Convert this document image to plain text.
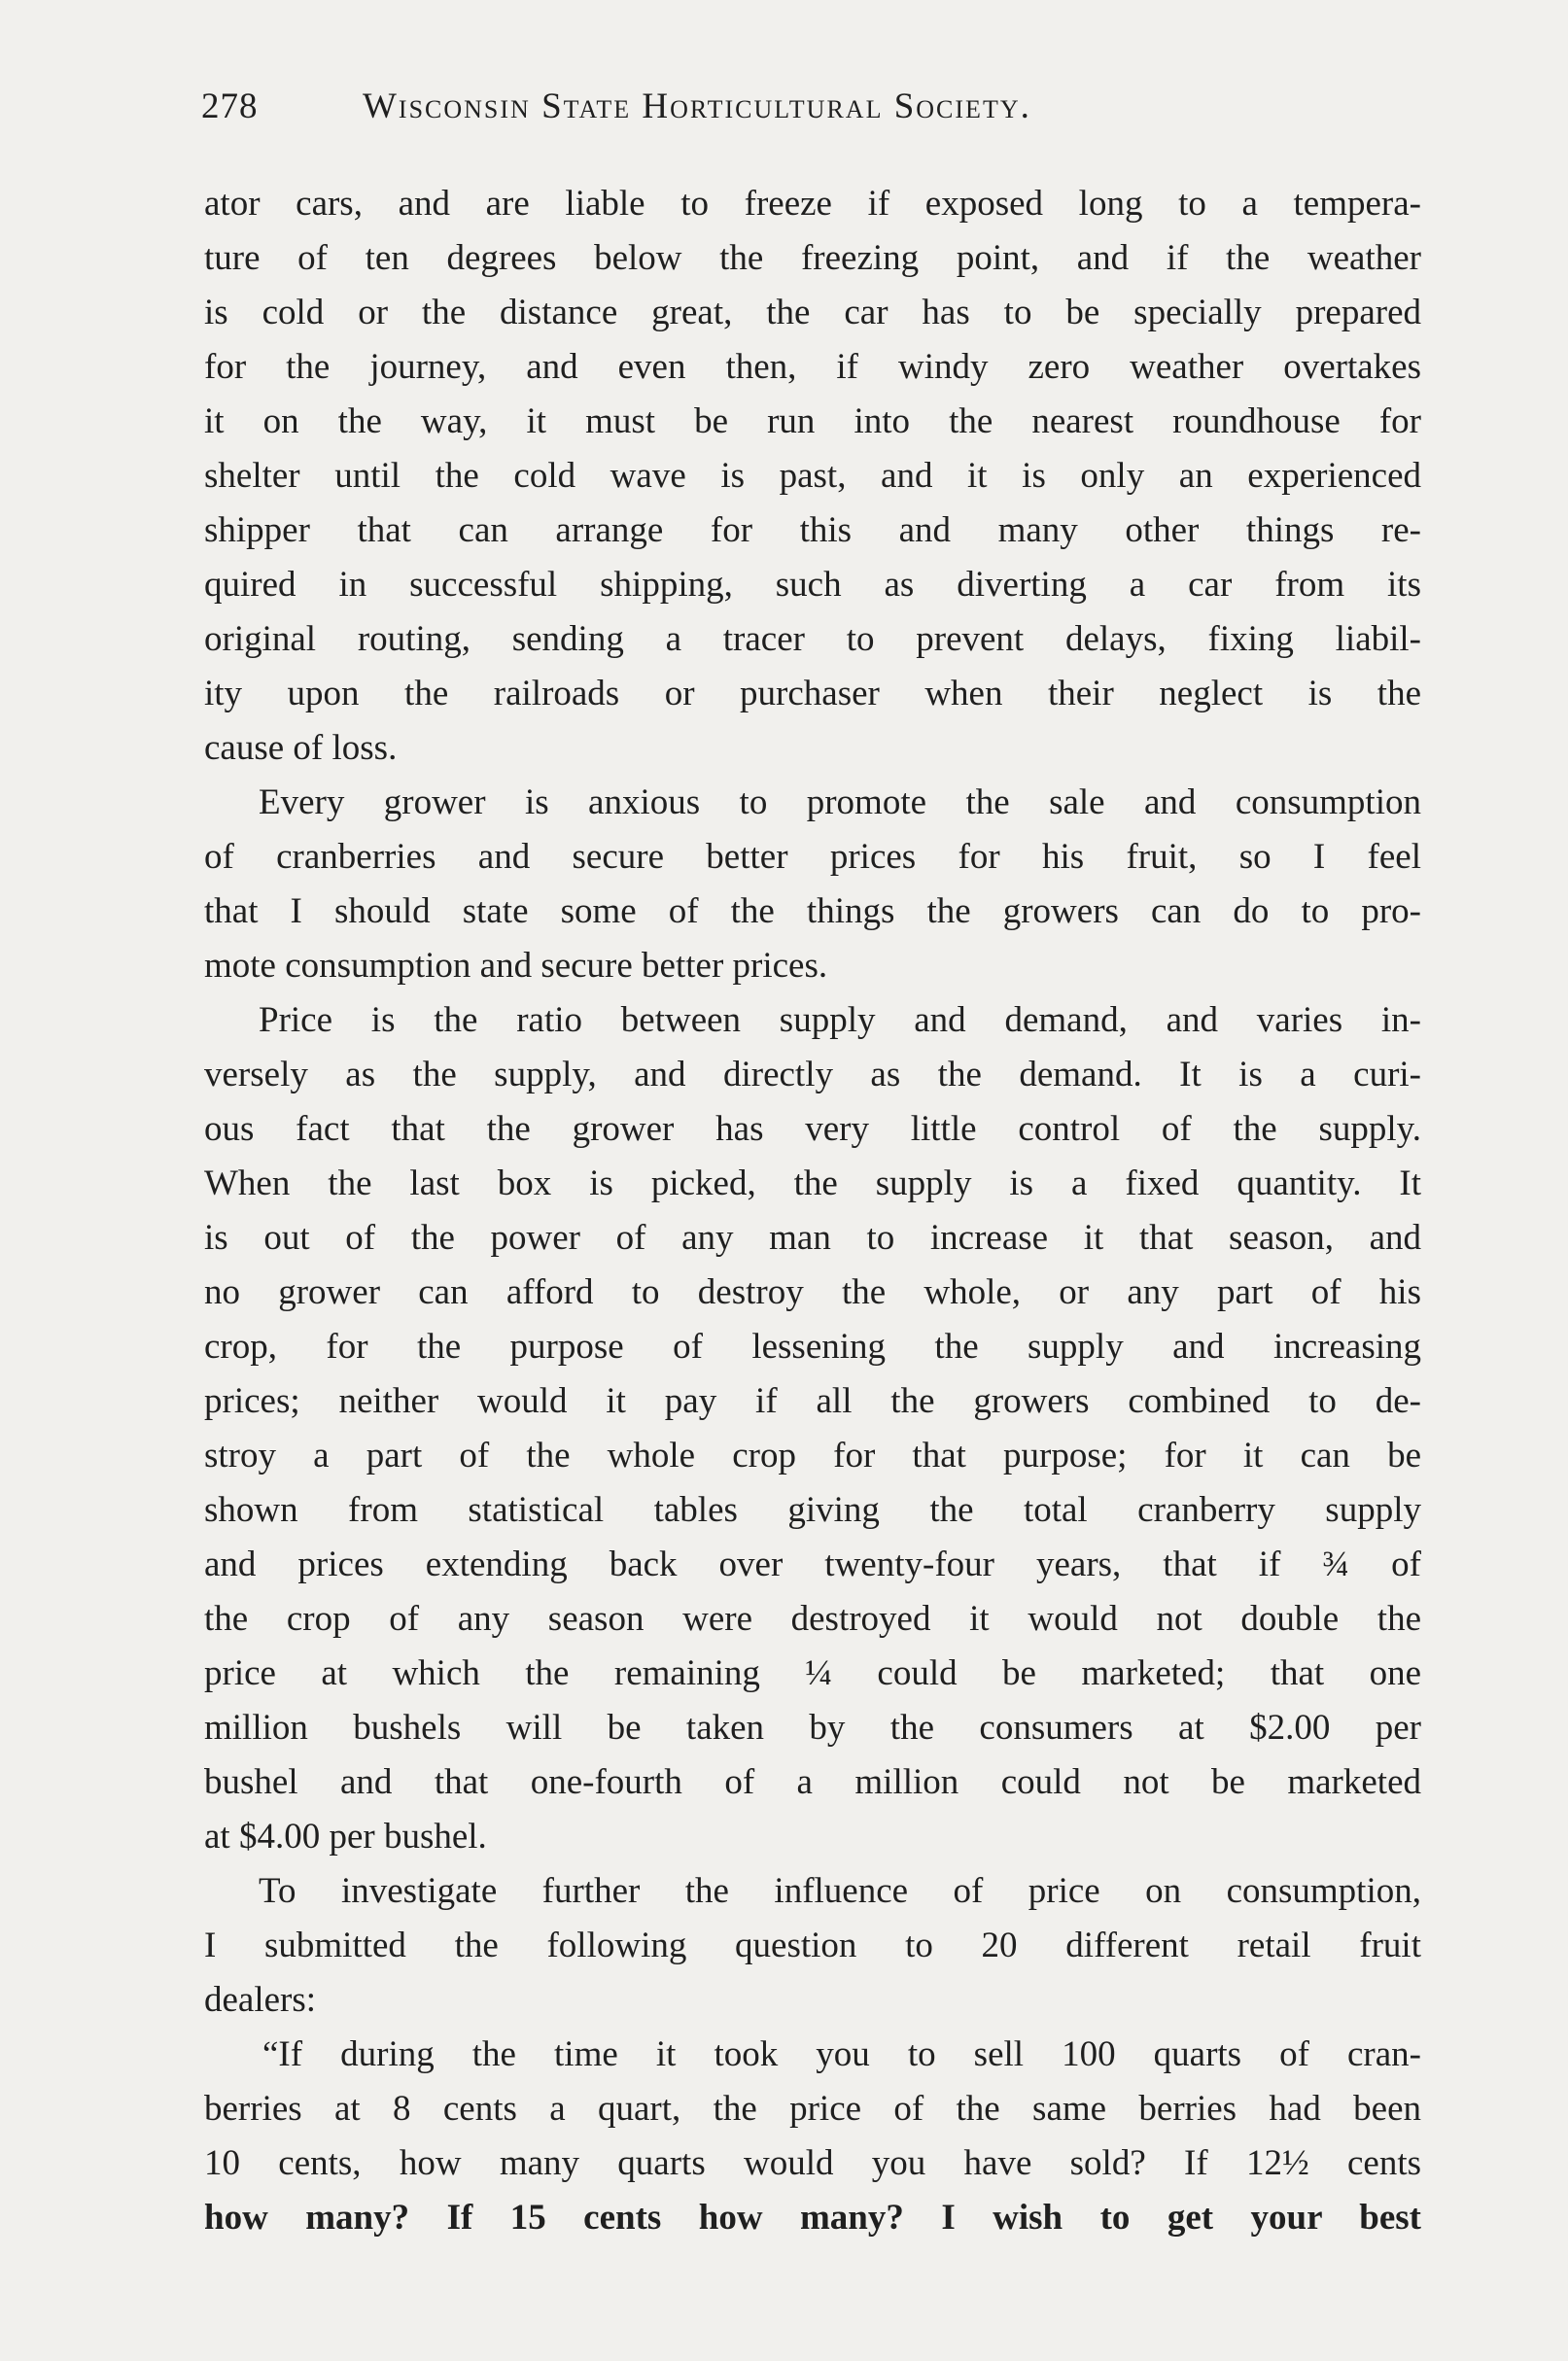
278	Wisconsin State Horticultural Society.
ator cars, and are liable to freeze if exposed long to a tempera-
ture of ten degrees below the freezing point, and if the weather
is cold or the distance great, the car has to be specially prepared
for the journey, and even then, if windy zero weather overtakes
it on the way, it must be run into the nearest roundhouse for
shelter until the cold wave is past, and it is only an experienced
shipper that can arrange for this and many other things re-
quired in successful shipping, such as diverting a car from its
original routing, sending a tracer to prevent delays, fixing liabil-
ity upon the railroads or purchaser when their neglect is the
cause of loss.
Every grower is anxious to promote the sale and consumption
of cranberries and secure better prices for his fruit, so I feel
that I should state some of the things the growers can do to pro-
mote consumption and secure better prices.
Price is the ratio between supply and demand, and varies in-
versely as the supply, and directly as the demand. It is a curi-
ous fact that the grower has very little control of the supply.
When the last box is picked, the supply is a fixed quantity. It
is out of the power of any man to increase it that season, and
no grower can afford to destroy the whole, or any part of his
crop, for the purpose of lessening the supply and increasing
prices; neither would it pay if all the growers combined to de-
stroy a part of the whole crop for that purpose; for it can be
shown from statistical tables giving the total cranberry supply
and prices extending back over twenty-four years, that if ¾ of
the crop of any season were destroyed it would not double the
price at which the remaining ¼ could be marketed; that one
million bushels will be taken by the consumers at $2.00 per
bushel and that one-fourth of a million could not be marketed
at $4.00 per bushel.
To investigate further the influence of price on consumption,
I submitted the following question to 20 different retail fruit
dealers:
“If during the time it took you to sell 100 quarts of cran-
berries at 8 cents a quart, the price of the same berries had been
10 cents, how many quarts would you have sold? If 12½ cents
how many? If 15 cents how many? I wish to get your best
